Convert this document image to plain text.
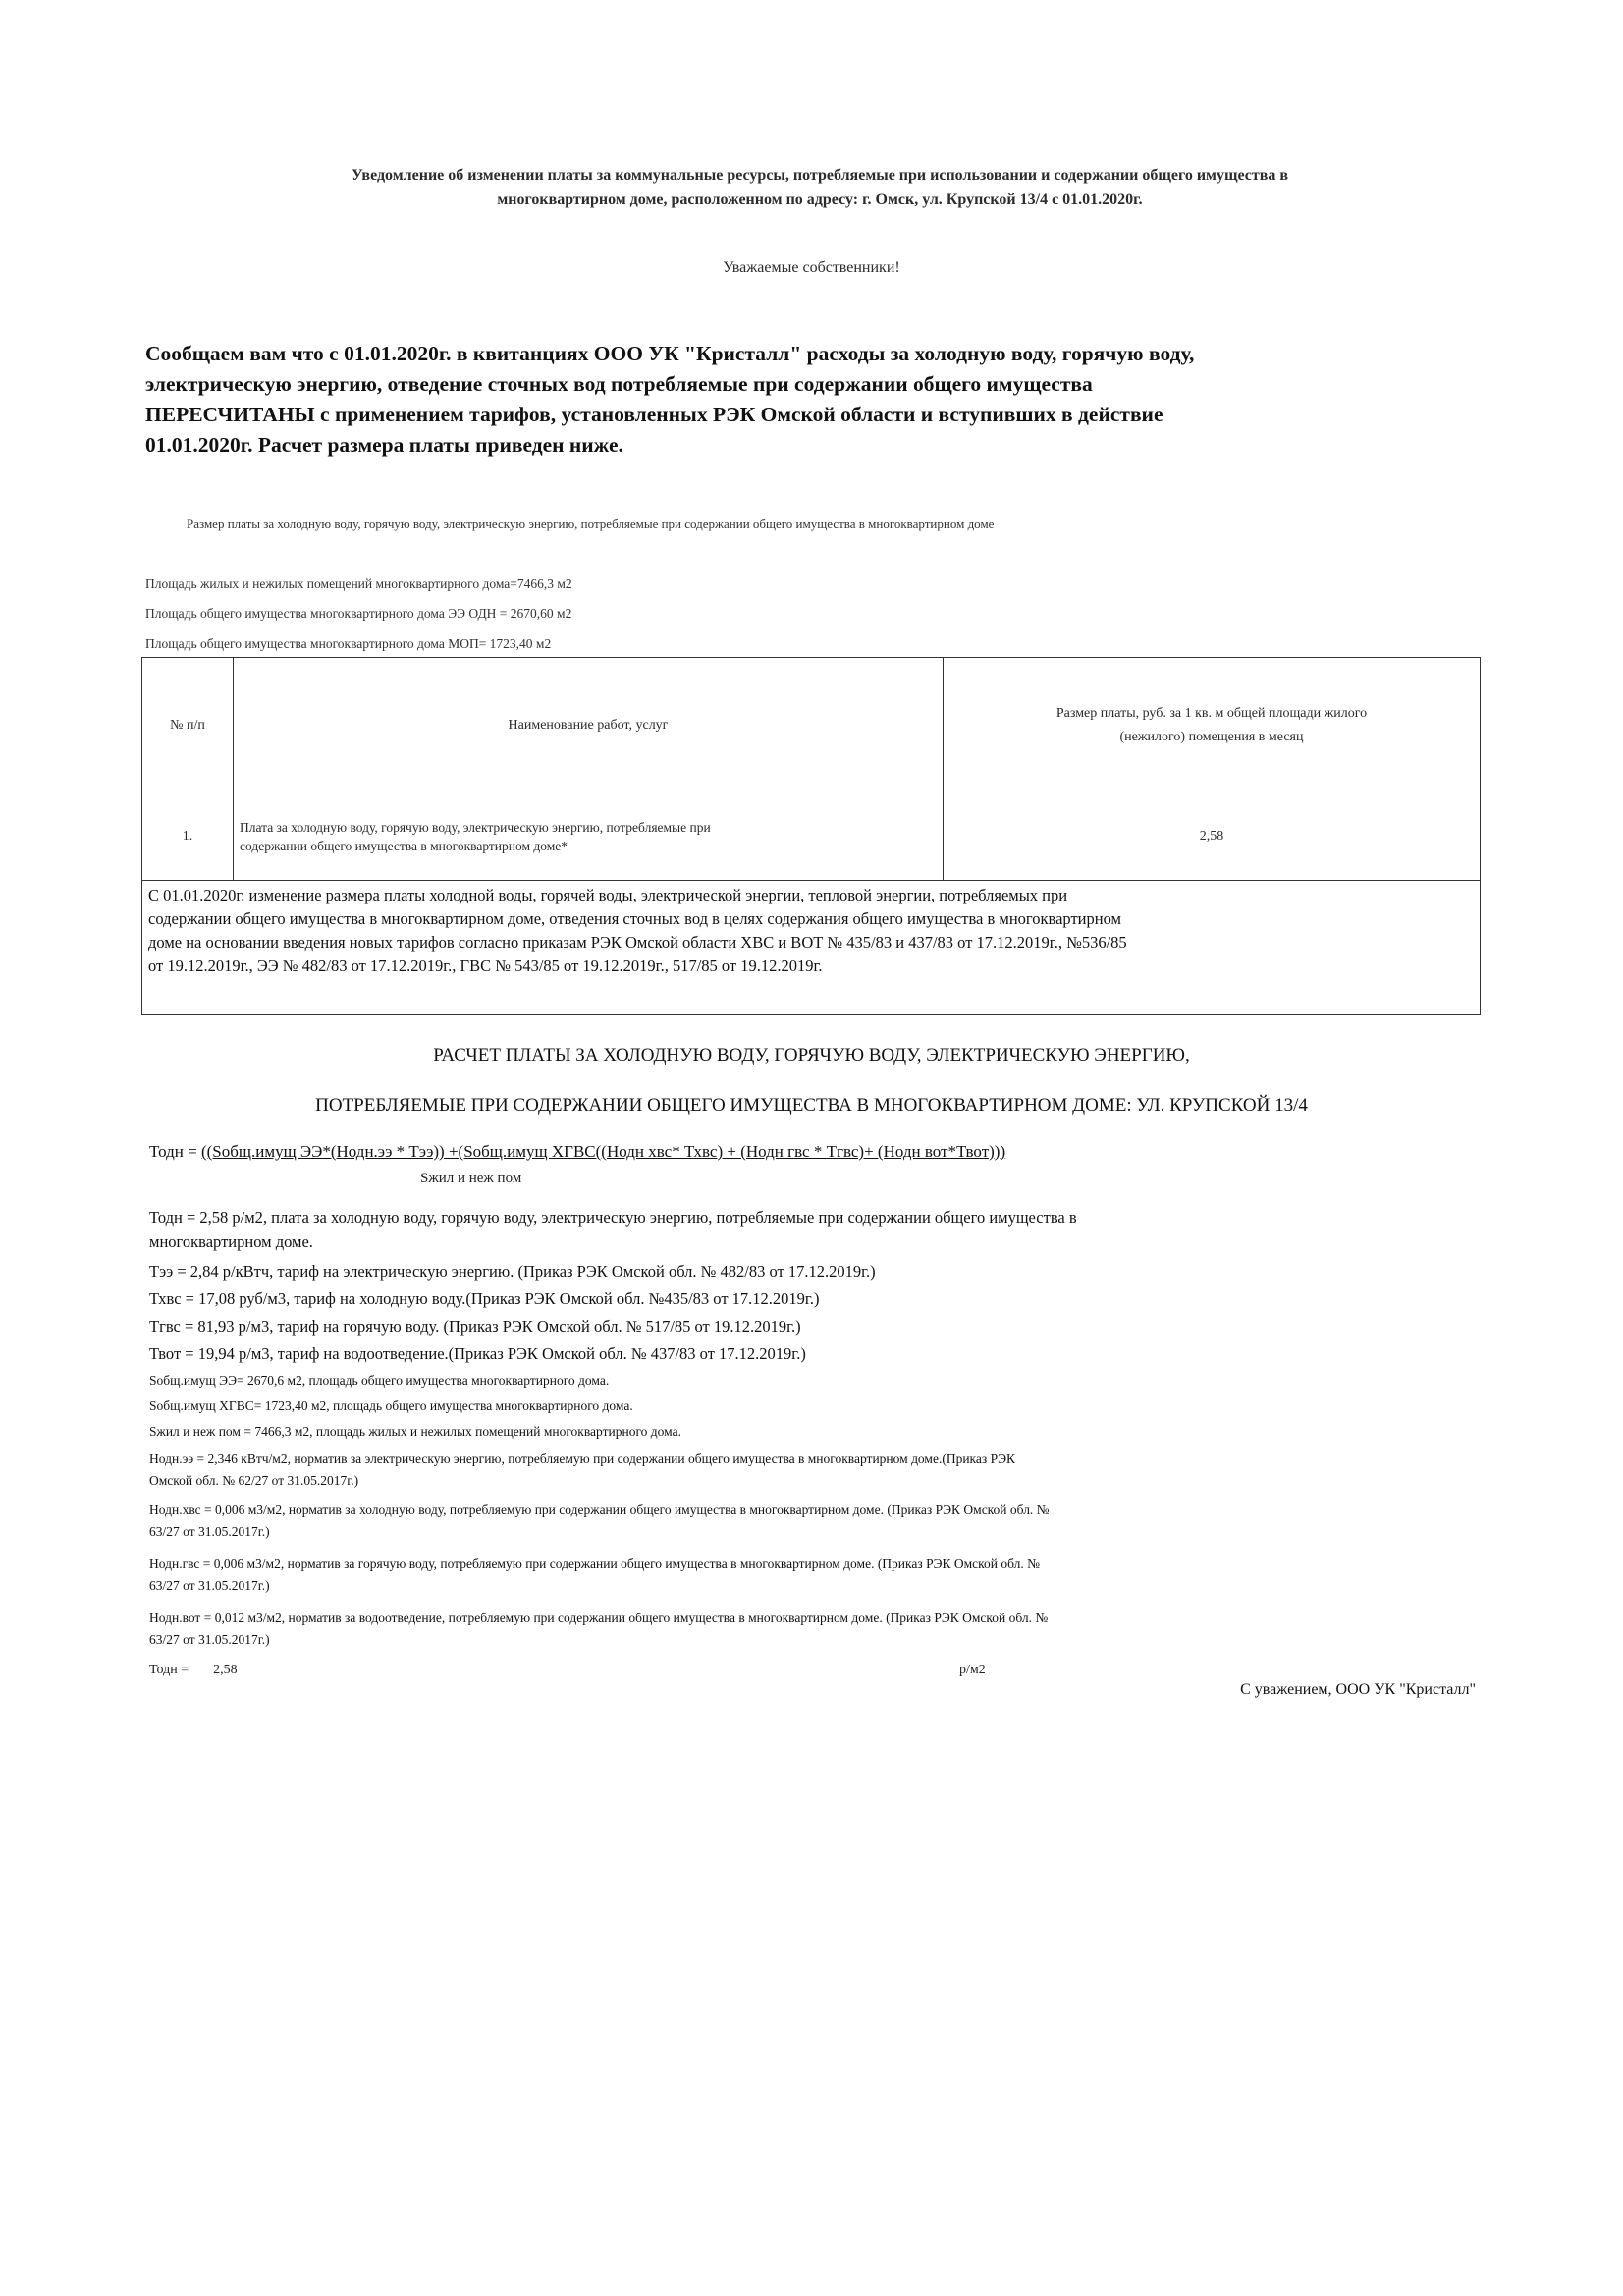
Уведомление об изменении платы за коммунальные ресурсы, потребляемые при использовании и содержании общего имущества в
многоквартирном доме, расположенном по адресу: г. Омск, ул. Крупской 13/4 с 01.01.2020г.
Уважаемые собственники!
Сообщаем вам что с 01.01.2020г. в квитанциях ООО УК "Кристалл" расходы за холодную воду, горячую воду,
электрическую энергию, отведение сточных вод потребляемые при содержании общего имущества
ПЕРЕСЧИТАНЫ с применением тарифов, установленных РЭК Омской области и вступивших в действие
01.01.2020г. Расчет размера платы приведен ниже.
Размер платы за холодную воду, горячую воду, электрическую энергию, потребляемые при содержании общего имущества в многоквартирном доме
Площадь жилых и нежилых помещений многоквартирного дома=7466,3 м2
Площадь общего имущества многоквартирного дома ЭЭ ОДН = 2670,60 м2
Площадь общего имущества многоквартирного дома МОП= 1723,40 м2
№ п/п	Наименование работ, услуг	Размер платы, руб. за 1 кв. м общей площади жилого
(нежилого) помещения в месяц

1.	Плата за холодную воду, горячую воду, электрическую энергию, потребляемые при
содержании общего имущества в многоквартирном доме*	2,58
С 01.01.2020г. изменение размера платы холодной воды, горячей воды, электрической энергии, тепловой энергии, потребляемых при
содержании общего имущества в многоквартирном доме, отведения сточных вод в целях содержания общего имущества в многоквартирном
доме на основании введения новых тарифов согласно приказам РЭК Омской области ХВС и ВОТ № 435/83 и 437/83 от 17.12.2019г., №536/85
от 19.12.2019г., ЭЭ № 482/83 от 17.12.2019г., ГВС № 543/85 от 19.12.2019г., 517/85 от 19.12.2019г.
РАСЧЕТ ПЛАТЫ ЗА ХОЛОДНУЮ ВОДУ, ГОРЯЧУЮ ВОДУ, ЭЛЕКТРИЧЕСКУЮ ЭНЕРГИЮ,
ПОТРЕБЛЯЕМЫЕ ПРИ СОДЕРЖАНИИ ОБЩЕГО ИМУЩЕСТВА В МНОГОКВАРТИРНОМ ДОМЕ: УЛ. КРУПСКОЙ 13/4
Тодн = ((Sобщ.имущ ЭЭ*(Нодн.ээ * Тээ)) +(Sобщ.имущ ХГВС((Нодн хвс* Тхвс) + (Нодн гвс * Тгвс)+ (Нодн вот*Твот)))
Sжил и неж пом
Тодн = 2,58 р/м2, плата за холодную воду, горячую воду, электрическую энергию, потребляемые при содержании общего имущества в
многоквартирном доме.
Тээ = 2,84 р/кВтч, тариф на электрическую энергию. (Приказ РЭК Омской обл. № 482/83 от 17.12.2019г.)
Тхвс = 17,08 руб/м3, тариф на холодную воду.(Приказ РЭК Омской обл. №435/83 от 17.12.2019г.)
Тгвс = 81,93 р/м3, тариф на горячую воду. (Приказ РЭК Омской обл. № 517/85 от 19.12.2019г.)
Твот = 19,94 р/м3, тариф на водоотведение.(Приказ РЭК Омской обл. № 437/83 от 17.12.2019г.)
Sобщ.имущ ЭЭ= 2670,6 м2, площадь общего имущества многоквартирного дома.
Sобщ.имущ ХГВС= 1723,40 м2, площадь общего имущества многоквартирного дома.
Sжил и неж пом = 7466,3 м2, площадь жилых и нежилых помещений многоквартирного дома.
Нодн.ээ = 2,346 кВтч/м2, норматив за электрическую энергию, потребляемую при содержании общего имущества в многоквартирном доме.(Приказ РЭК
Омской обл. № 62/27 от 31.05.2017г.)
Нодн.хвс = 0,006 м3/м2, норматив за холодную воду, потребляемую при содержании общего имущества в многоквартирном доме. (Приказ РЭК Омской обл. №
63/27 от 31.05.2017г.)
Нодн.гвс = 0,006 м3/м2, норматив за горячую воду, потребляемую при содержании общего имущества в многоквартирном доме. (Приказ РЭК Омской обл. №
63/27 от 31.05.2017г.)
Нодн.вот = 0,012 м3/м2, норматив за водоотведение, потребляемую при содержании общего имущества в многоквартирном доме. (Приказ РЭК Омской обл. №
63/27 от 31.05.2017г.)
Тодн = 2,58	р/м2
С уважением, ООО УК "Кристалл"
